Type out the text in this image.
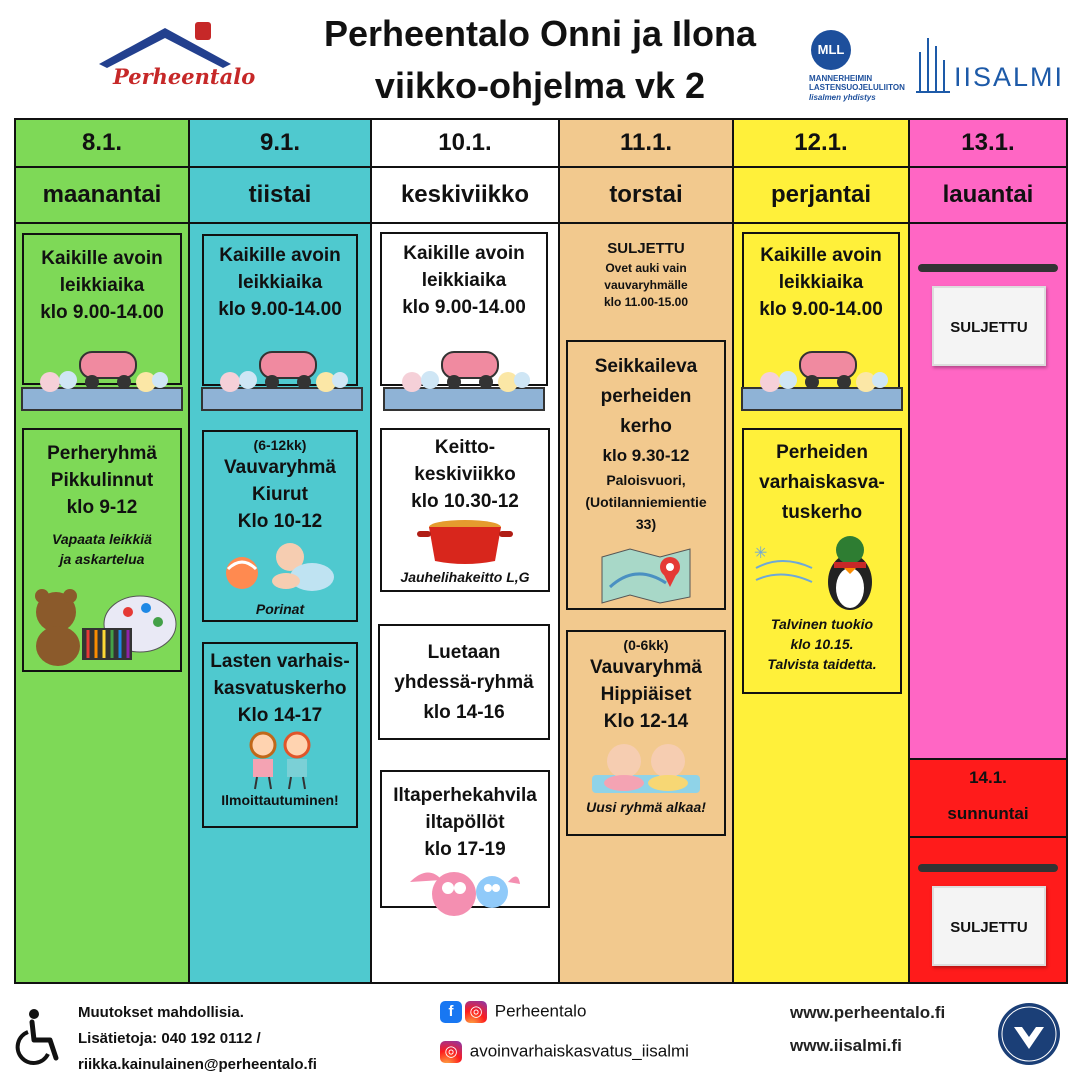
Perheentalo
Perheentalo Onni ja Ilona
viikko-ohjelma vk 2
MLL
MANNERHEIMIN
LASTENSUOJELULIITON
Iisalmen yhdistys
IISALMI
8.1.
maanantai
Kaikille avoin
leikkiaika
klo 9.00-14.00
Perheryhmä
Pikkulinnut
klo 9-12
Vapaata leikkiä
ja askartelua
9.1.
tiistai
Kaikille avoin
leikkiaika
klo 9.00-14.00
(6-12kk)
Vauvaryhmä
Kiurut
Klo 10-12
Porinat
Lasten varhais-
kasvatuskerho
Klo 14-17
Ilmoittautuminen!
10.1.
keskiviikko
Kaikille avoin
leikkiaika
klo 9.00-14.00
Keitto-
keskiviikko
klo 10.30-12
Jauhelihakeitto L,G
Luetaan
yhdessä-ryhmä
klo 14-16
Iltaperhekahvila
iltapöllöt
klo 17-19
11.1.
torstai
SULJETTU
Ovet auki vain
vauvaryhmälle
klo 11.00-15.00
Seikkaileva
perheiden
kerho
klo 9.30-12
Paloisvuori,
(Uotilanniemientie
33)
(0-6kk)
Vauvaryhmä
Hippiäiset
Klo 12-14
Uusi ryhmä alkaa!
12.1.
perjantai
Kaikille avoin
leikkiaika
klo 9.00-14.00
Perheiden
varhaiskasva-
tuskerho
✳
Talvinen tuokio
klo 10.15.
Talvista taidetta.
13.1.
lauantai
SULJETTU
14.1.
sunnuntai
SULJETTU
Muutokset mahdollisia.
Lisätietoja: 040 192 0112 /
riikka.kainulainen@perheentalo.fi
f ◎ Perheentalo
◎ avoinvarhaiskasvatus_iisalmi
www.perheentalo.fi
www.iisalmi.fi
